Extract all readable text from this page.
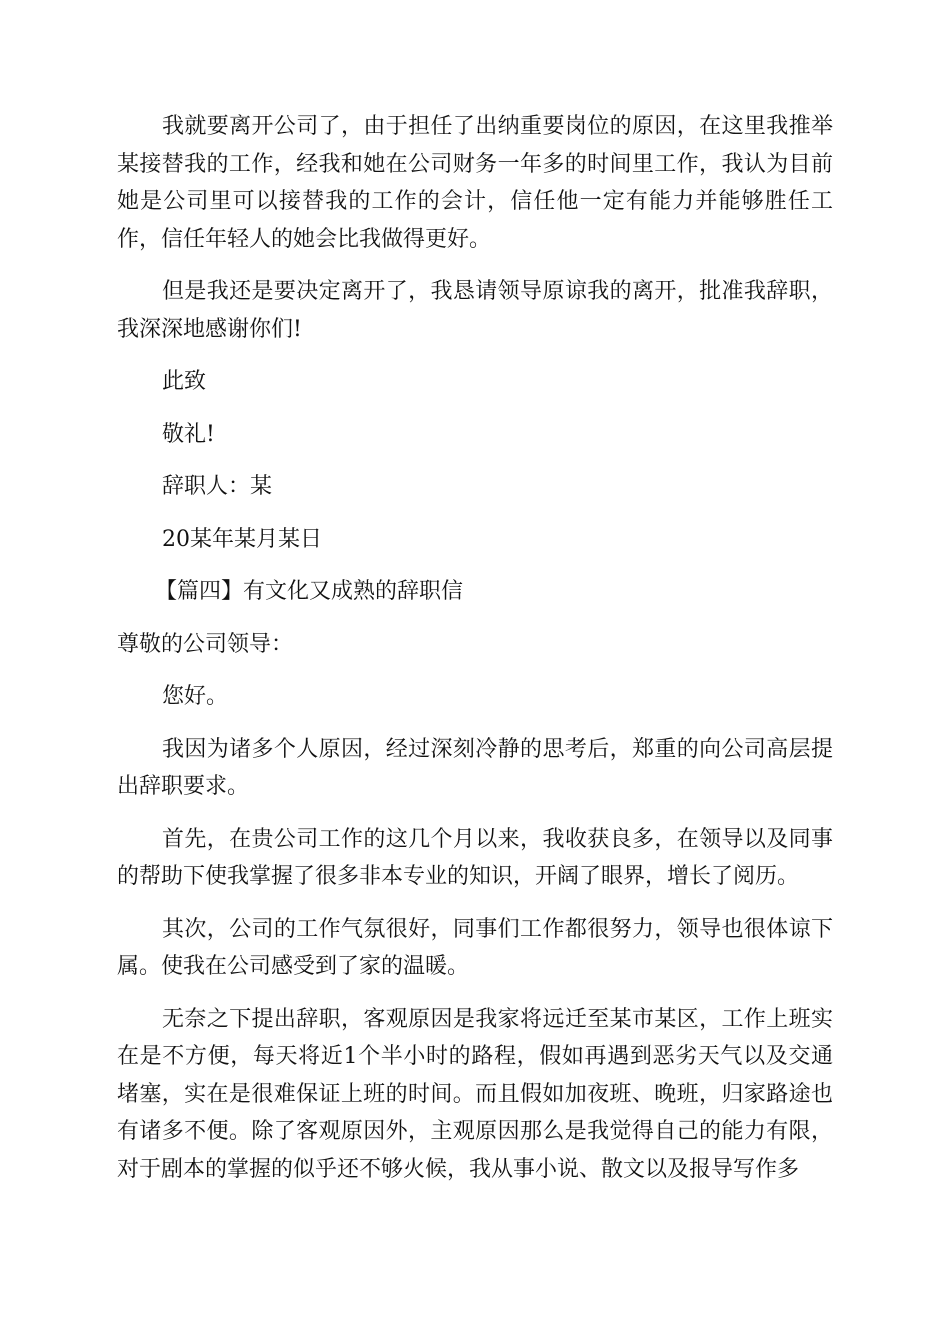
我就要离开公司了，由于担任了出纳重要岗位的原因，在这里我推举某接替我的工作，经我和她在公司财务一年多的时间里工作，我认为目前她是公司里可以接替我的工作的会计，信任他一定有能力并能够胜任工作，信任年轻人的她会比我做得更好。

但是我还是要决定离开了，我恳请领导原谅我的离开，批准我辞职，我深深地感谢你们!

此致

敬礼!

辞职人：某

20某年某月某日

【篇四】有文化又成熟的辞职信

尊敬的公司领导：

您好。

我因为诸多个人原因，经过深刻冷静的思考后，郑重的向公司高层提出辞职要求。

首先，在贵公司工作的这几个月以来，我收获良多，在领导以及同事的帮助下使我掌握了很多非本专业的知识，开阔了眼界，增长了阅历。

其次，公司的工作气氛很好，同事们工作都很努力，领导也很体谅下属。使我在公司感受到了家的温暖。

无奈之下提出辞职，客观原因是我家将远迁至某市某区，工作上班实在是不方便，每天将近1个半小时的路程，假如再遇到恶劣天气以及交通堵塞，实在是很难保证上班的时间。而且假如加夜班、晚班，归家路途也有诸多不便。除了客观原因外，主观原因那么是我觉得自己的能力有限，对于剧本的掌握的似乎还不够火候，我从事小说、散文以及报导写作多
